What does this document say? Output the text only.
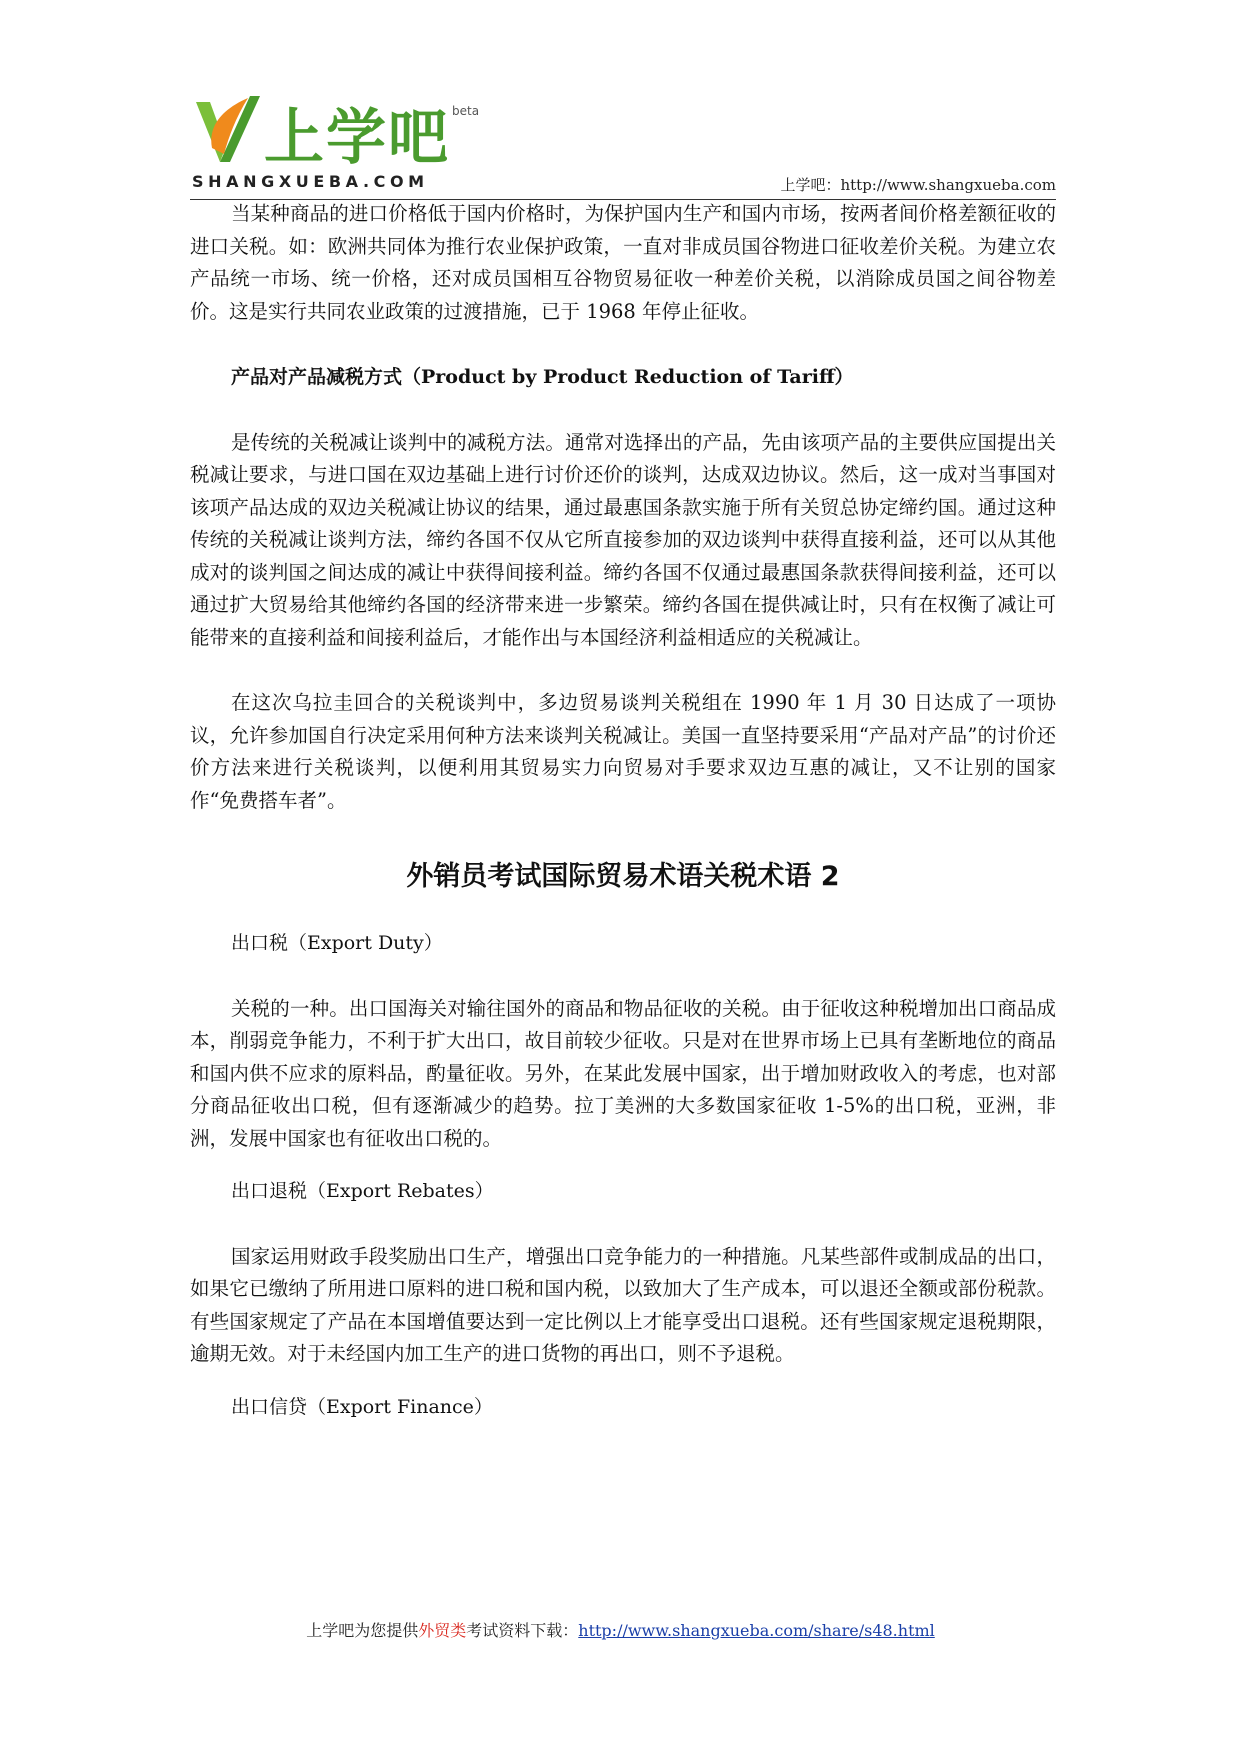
上学吧 beta
SHANGXUEBA.COM	上学吧：http://www.shangxueba.com

当某种商品的进口价格低于国内价格时，为保护国内生产和国内市场，按两者间价格差额征收的进口关税。如：欧洲共同体为推行农业保护政策，一直对非成员国谷物进口征收差价关税。为建立农产品统一市场、统一价格，还对成员国相互谷物贸易征收一种差价关税，以消除成员国之间谷物差价。这是实行共同农业政策的过渡措施，已于 1968 年停止征收。

产品对产品减税方式（Product by Product Reduction of Tariff）

是传统的关税减让谈判中的减税方法。通常对选择出的产品，先由该项产品的主要供应国提出关税减让要求，与进口国在双边基础上进行讨价还价的谈判，达成双边协议。然后，这一成对当事国对该项产品达成的双边关税减让协议的结果，通过最惠国条款实施于所有关贸总协定缔约国。通过这种传统的关税减让谈判方法，缔约各国不仅从它所直接参加的双边谈判中获得直接利益，还可以从其他成对的谈判国之间达成的减让中获得间接利益。缔约各国不仅通过最惠国条款获得间接利益，还可以通过扩大贸易给其他缔约各国的经济带来进一步繁荣。缔约各国在提供减让时，只有在权衡了减让可能带来的直接利益和间接利益后，才能作出与本国经济利益相适应的关税减让。

在这次乌拉圭回合的关税谈判中，多边贸易谈判关税组在 1990 年 1 月 30 日达成了一项协议，允许参加国自行决定采用何种方法来谈判关税减让。美国一直坚持要采用“产品对产品”的讨价还价方法来进行关税谈判，以便利用其贸易实力向贸易对手要求双边互惠的减让，又不让别的国家作“免费搭车者”。

外销员考试国际贸易术语关税术语 2

出口税（Export Duty）

关税的一种。出口国海关对输往国外的商品和物品征收的关税。由于征收这种税增加出口商品成本，削弱竞争能力，不利于扩大出口，故目前较少征收。只是对在世界市场上已具有垄断地位的商品和国内供不应求的原料品，酌量征收。另外，在某此发展中国家，出于增加财政收入的考虑，也对部分商品征收出口税，但有逐渐减少的趋势。拉丁美洲的大多数国家征收 1-5%的出口税，亚洲，非洲，发展中国家也有征收出口税的。

出口退税（Export Rebates）

国家运用财政手段奖励出口生产，增强出口竞争能力的一种措施。凡某些部件或制成品的出口，如果它已缴纳了所用进口原料的进口税和国内税，以致加大了生产成本，可以退还全额或部份税款。有些国家规定了产品在本国增值要达到一定比例以上才能享受出口退税。还有些国家规定退税期限，逾期无效。对于未经国内加工生产的进口货物的再出口，则不予退税。

出口信贷（Export Finance）

上学吧为您提供外贸类考试资料下载：http://www.shangxueba.com/share/s48.html
